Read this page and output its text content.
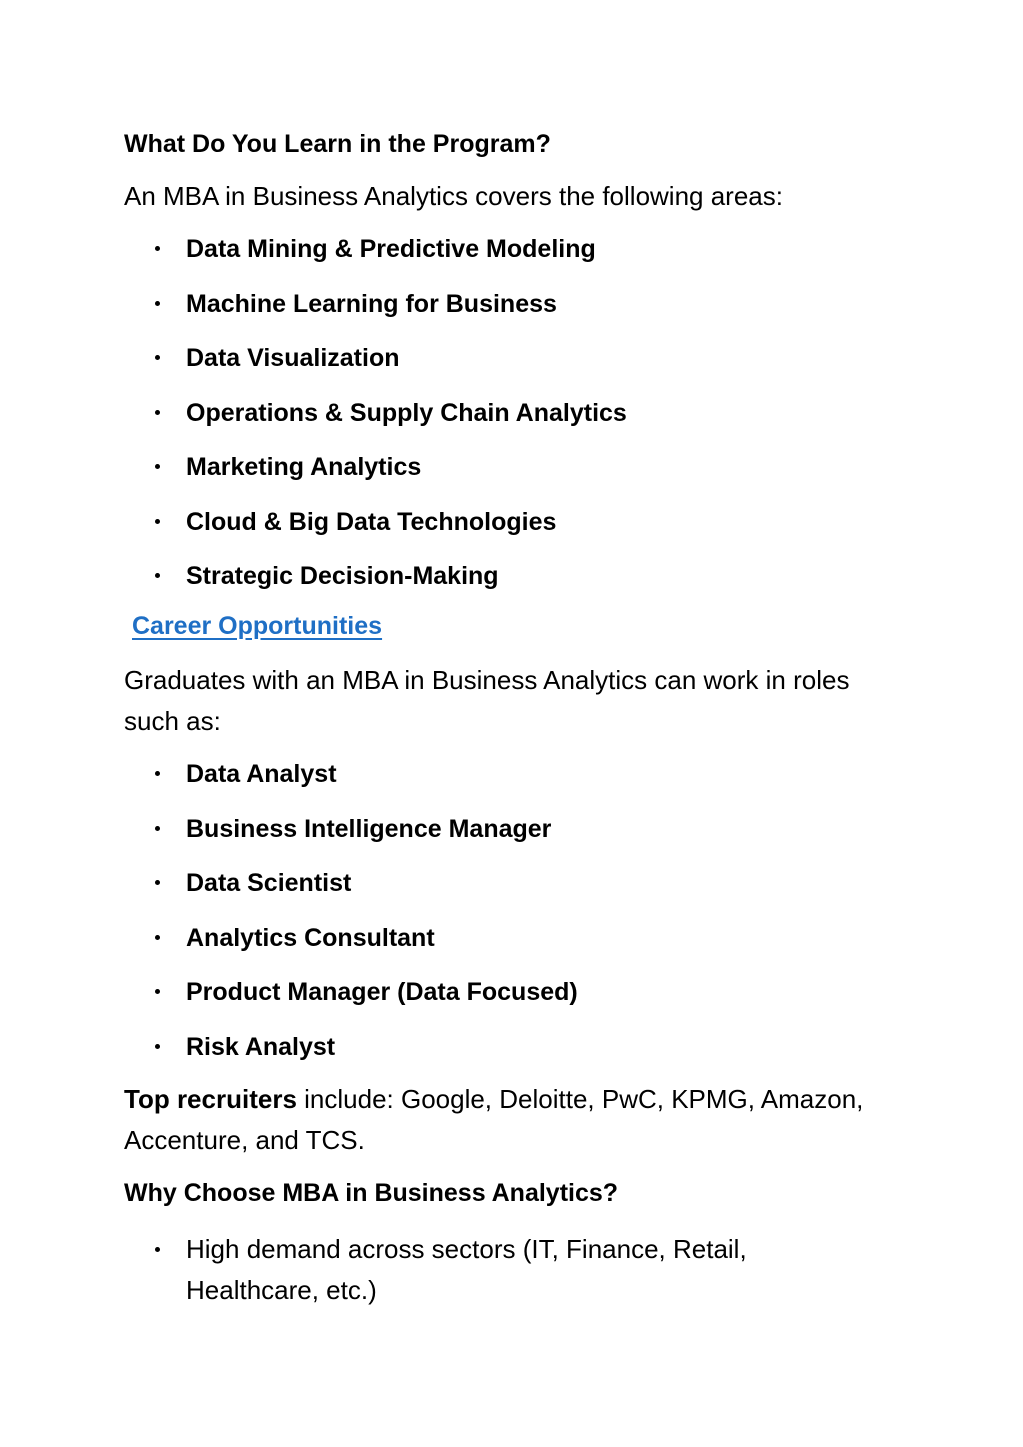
What Do You Learn in the Program?

An MBA in Business Analytics covers the following areas:

Data Mining & Predictive Modeling
Machine Learning for Business
Data Visualization
Operations & Supply Chain Analytics
Marketing Analytics
Cloud & Big Data Technologies
Strategic Decision-Making
Career Opportunities

Graduates with an MBA in Business Analytics can work in roles such as:

Data Analyst
Business Intelligence Manager
Data Scientist
Analytics Consultant
Product Manager (Data Focused)
Risk Analyst

Top recruiters include: Google, Deloitte, PwC, KPMG, Amazon, Accenture, and TCS.

Why Choose MBA in Business Analytics?

High demand across sectors (IT, Finance, Retail, Healthcare, etc.)
